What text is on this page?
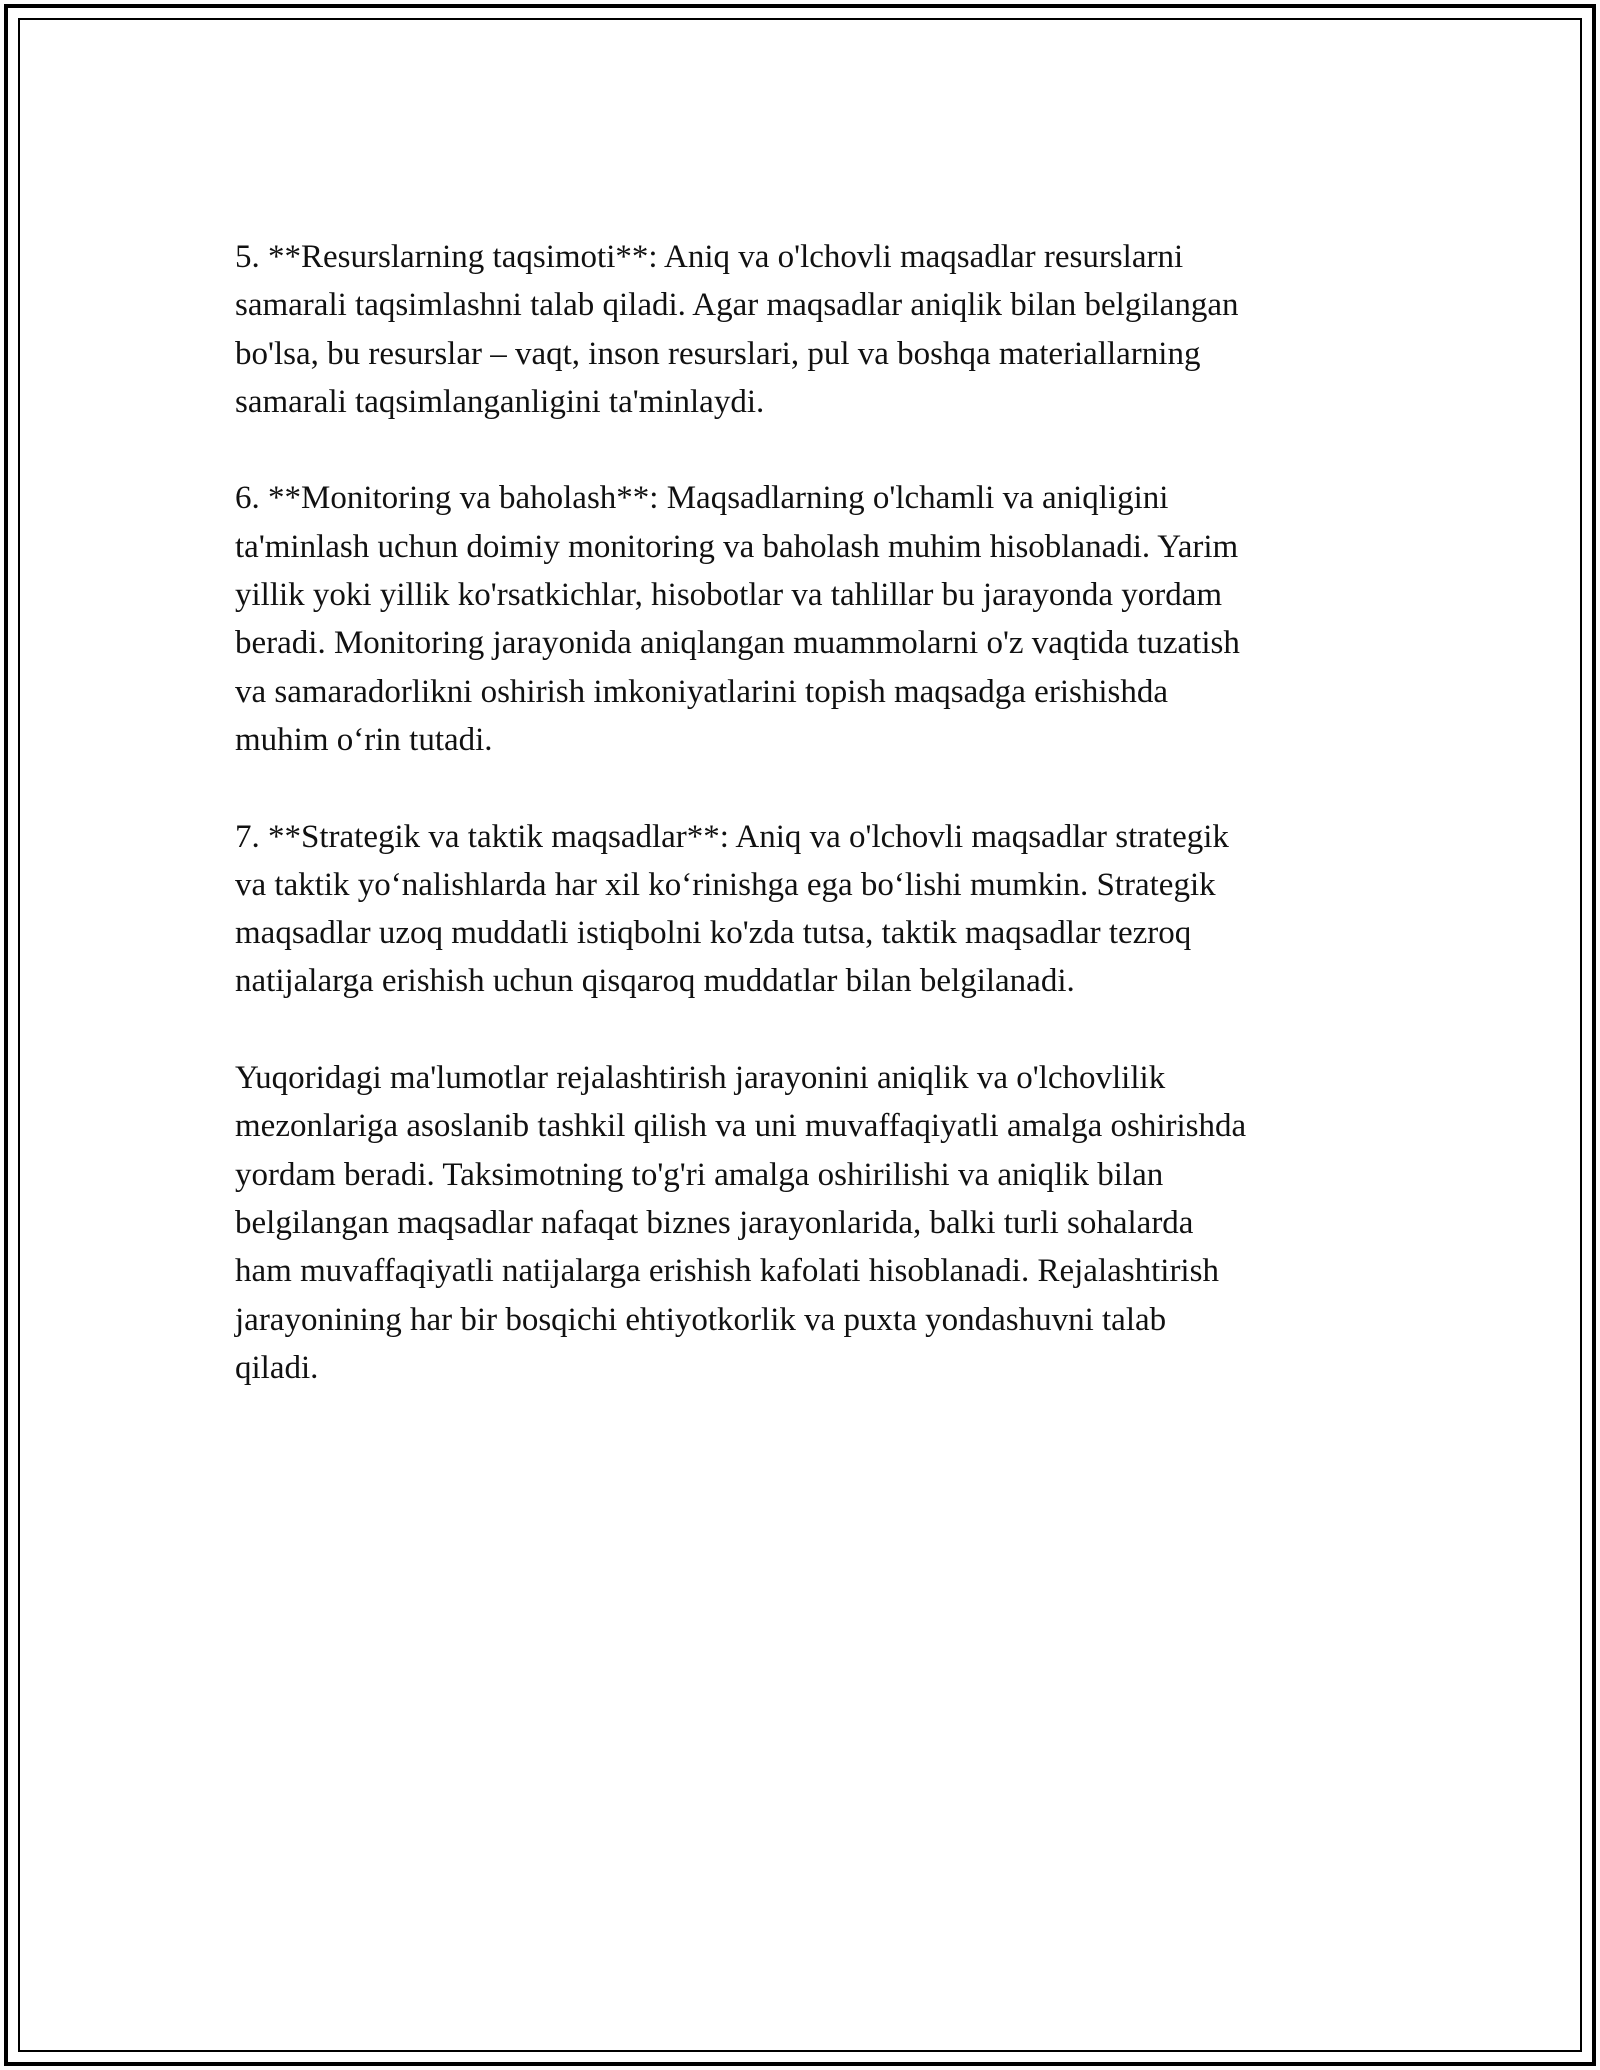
5. **Resurslarning taqsimoti**: Aniq va o'lchovli maqsadlar resurslarni
samarali taqsimlashni talab qiladi. Agar maqsadlar aniqlik bilan belgilangan
bo'lsa, bu resurslar – vaqt, inson resurslari, pul va boshqa materiallarning
samarali taqsimlanganligini ta'minlaydi.

6. **Monitoring va baholash**: Maqsadlarning o'lchamli va aniqligini
ta'minlash uchun doimiy monitoring va baholash muhim hisoblanadi. Yarim
yillik yoki yillik ko'rsatkichlar, hisobotlar va tahlillar bu jarayonda yordam
beradi. Monitoring jarayonida aniqlangan muammolarni o'z vaqtida tuzatish
va samaradorlikni oshirish imkoniyatlarini topish maqsadga erishishda
muhim o‘rin tutadi.

7. **Strategik va taktik maqsadlar**: Aniq va o'lchovli maqsadlar strategik
va taktik yo‘nalishlarda har xil ko‘rinishga ega bo‘lishi mumkin. Strategik
maqsadlar uzoq muddatli istiqbolni ko'zda tutsa, taktik maqsadlar tezroq
natijalarga erishish uchun qisqaroq muddatlar bilan belgilanadi.

Yuqoridagi ma'lumotlar rejalashtirish jarayonini aniqlik va o'lchovlilik
mezonlariga asoslanib tashkil qilish va uni muvaffaqiyatli amalga oshirishda
yordam beradi. Taksimotning to'g'ri amalga oshirilishi va aniqlik bilan
belgilangan maqsadlar nafaqat biznes jarayonlarida, balki turli sohalarda
ham muvaffaqiyatli natijalarga erishish kafolati hisoblanadi. Rejalashtirish
jarayonining har bir bosqichi ehtiyotkorlik va puxta yondashuvni talab
qiladi.
